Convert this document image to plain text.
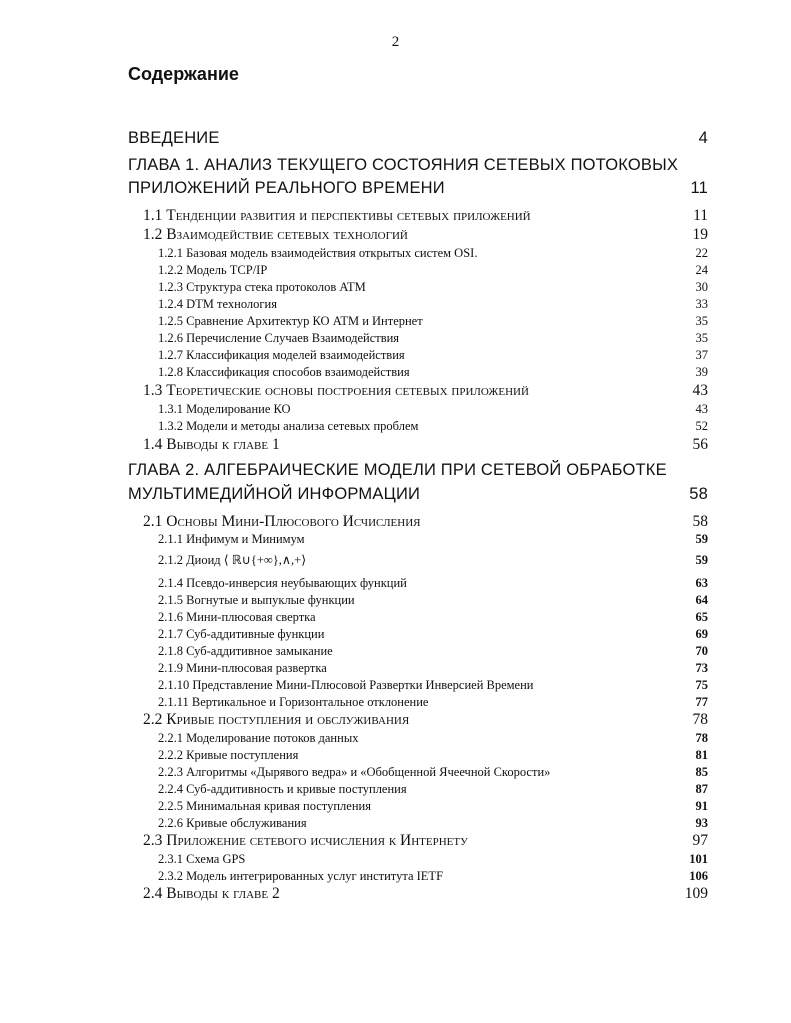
2
Содержание
ВВЕДЕНИЕ	4
ГЛАВА 1. АНАЛИЗ ТЕКУЩЕГО СОСТОЯНИЯ СЕТЕВЫХ ПОТОКОВЫХ
ПРИЛОЖЕНИЙ РЕАЛЬНОГО ВРЕМЕНИ	11
1.1 Тенденции развития и перспективы сетевых приложений	11
1.2 Взаимодействие сетевых технологий	19
1.2.1 Базовая модель взаимодействия открытых систем OSI.	22
1.2.2 Модель TCP/IP	24
1.2.3 Структура стека протоколов ATM	30
1.2.4 DTM технология	33
1.2.5 Сравнение Архитектур КО ATM и Интернет	35
1.2.6 Перечисление Случаев Взаимодействия	35
1.2.7 Классификация моделей взаимодействия	37
1.2.8 Классификация способов взаимодействия	39
1.3 Теоретические основы построения сетевых приложений	43
1.3.1 Моделирование КО	43
1.3.2 Модели и методы анализа сетевых проблем	52
1.4 Выводы к главе 1	56
ГЛАВА 2. АЛГЕБРАИЧЕСКИЕ МОДЕЛИ ПРИ СЕТЕВОЙ ОБРАБОТКЕ
МУЛЬТИМЕДИЙНОЙ ИНФОРМАЦИИ	58
2.1 Основы Мини-Плюсового Исчисления	58
2.1.1 Инфимум и Минимум	59
2.1.2 Диоид ⟨ ℝ∪{+∞},∧,+⟩	59
2.1.4 Псевдо-инверсия неубывающих функций	63
2.1.5 Вогнутые и выпуклые функции	64
2.1.6 Мини-плюсовая свертка	65
2.1.7 Суб-аддитивные функции	69
2.1.8 Суб-аддитивное замыкание	70
2.1.9 Мини-плюсовая развертка	73
2.1.10 Представление Мини-Плюсовой Развертки Инверсией Времени	75
2.1.11 Вертикальное и Горизонтальное отклонение	77
2.2 Кривые поступления и обслуживания	78
2.2.1 Моделирование потоков данных	78
2.2.2 Кривые поступления	81
2.2.3 Алгоритмы «Дырявого ведра» и «Обобщенной Ячеечной Скорости»	85
2.2.4 Суб-аддитивность и кривые поступления	87
2.2.5 Минимальная кривая поступления	91
2.2.6 Кривые обслуживания	93
2.3 Приложение сетевого исчисления к Интернету	97
2.3.1 Схема GPS	101
2.3.2 Модель интегрированных услуг института IETF	106
2.4 Выводы к главе 2	109
